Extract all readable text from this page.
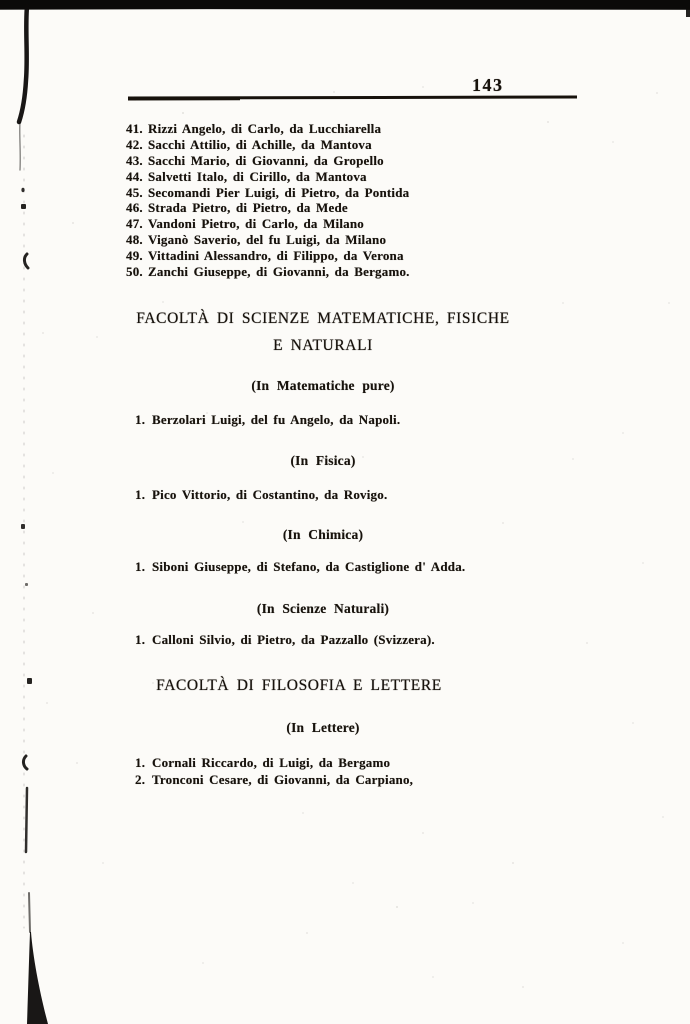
143
41. Rizzi Angelo, di Carlo, da Lucchiarella
42. Sacchi Attilio, di Achille, da Mantova
43. Sacchi Mario, di Giovanni, da Gropello
44. Salvetti Italo, di Cirillo, da Mantova
45. Secomandi Pier Luigi, di Pietro, da Pontida
46. Strada Pietro, di Pietro, da Mede
47. Vandoni Pietro, di Carlo, da Milano
48. Viganò Saverio, del fu Luigi, da Milano
49. Vittadini Alessandro, di Filippo, da Verona
50. Zanchi Giuseppe, di Giovanni, da Bergamo.
FACOLTÀ DI SCIENZE MATEMATICHE, FISICHE
E NATURALI
(In Matematiche pure)
1. Berzolari Luigi, del fu Angelo, da Napoli.
(In Fisica)
1. Pico Vittorio, di Costantino, da Rovigo.
(In Chimica)
1. Siboni Giuseppe, di Stefano, da Castiglione d' Adda.
(In Scienze Naturali)
1. Calloni Silvio, di Pietro, da Pazzallo (Svizzera).
FACOLTÀ DI FILOSOFIA E LETTERE
(In Lettere)
1. Cornali Riccardo, di Luigi, da Bergamo
2. Tronconi Cesare, di Giovanni, da Carpiano,
